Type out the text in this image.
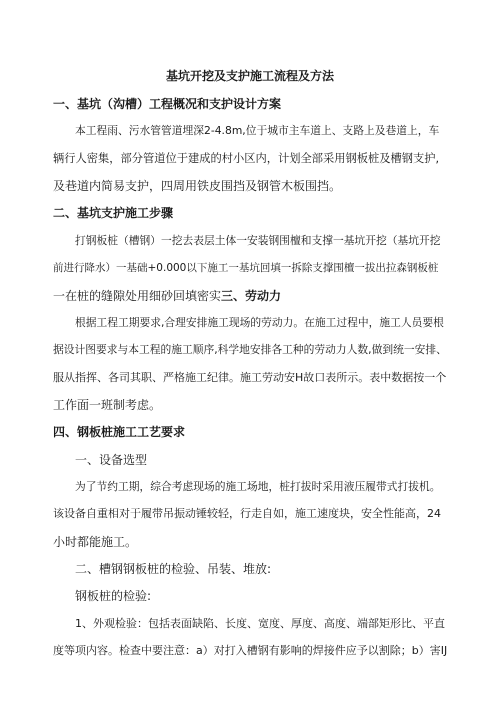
基坑开挖及支护施工流程及方法
一、基坑（沟槽）工程概况和支护设计方案
本工程雨、污水管管道埋深2-4.8m,位于城市主车道上、支路上及巷道上，车
辆行人密集，部分管道位于建成的村小区内，计划全部采用钢板桩及槽钢支护,
及巷道内简易支护，四周用铁皮围挡及钢管木板围挡。
二、基坑支护施工步骤
打钢板桩（槽钢）一挖去表层土体一安装钢围檀和支撑一基坑开挖（基坑开挖
前进行降水）一基础+0.000以下施工一基坑回填一拆除支撑围檀一拔出拉森钢板桩
一在桩的缝隙处用细砂回填密实三、劳动力
根据工程工期要求,合理安排施工现场的劳动力。在施工过程中，施工人员要根
据设计图要求与本工程的施工顺序,科学地安排各工种的劳动力人数,做到统一安排、
服从指挥、各司其职、严格施工纪律。施工劳动安H故口表所示。表中数据按一个
工作面一班制考虑。
四、钢板桩施工工艺要求
一、设备选型
为了节约工期，综合考虑现场的施工场地，桩打拔时采用液压履带式打拔机。
该设备自重相对于履带吊振动锤较轻，行走自如，施工速度块，安全性能高，24
小时都能施工。
二、槽钢钢板桩的检验、吊装、堆放:
钢板桩的检验:
1、外观检验：包括表面缺陷、长度、宽度、厚度、高度、端部矩形比、平直
度等项内容。检查中要注意：a）对打入槽钢有影响的焊接件应予以割除；b）害IJ
